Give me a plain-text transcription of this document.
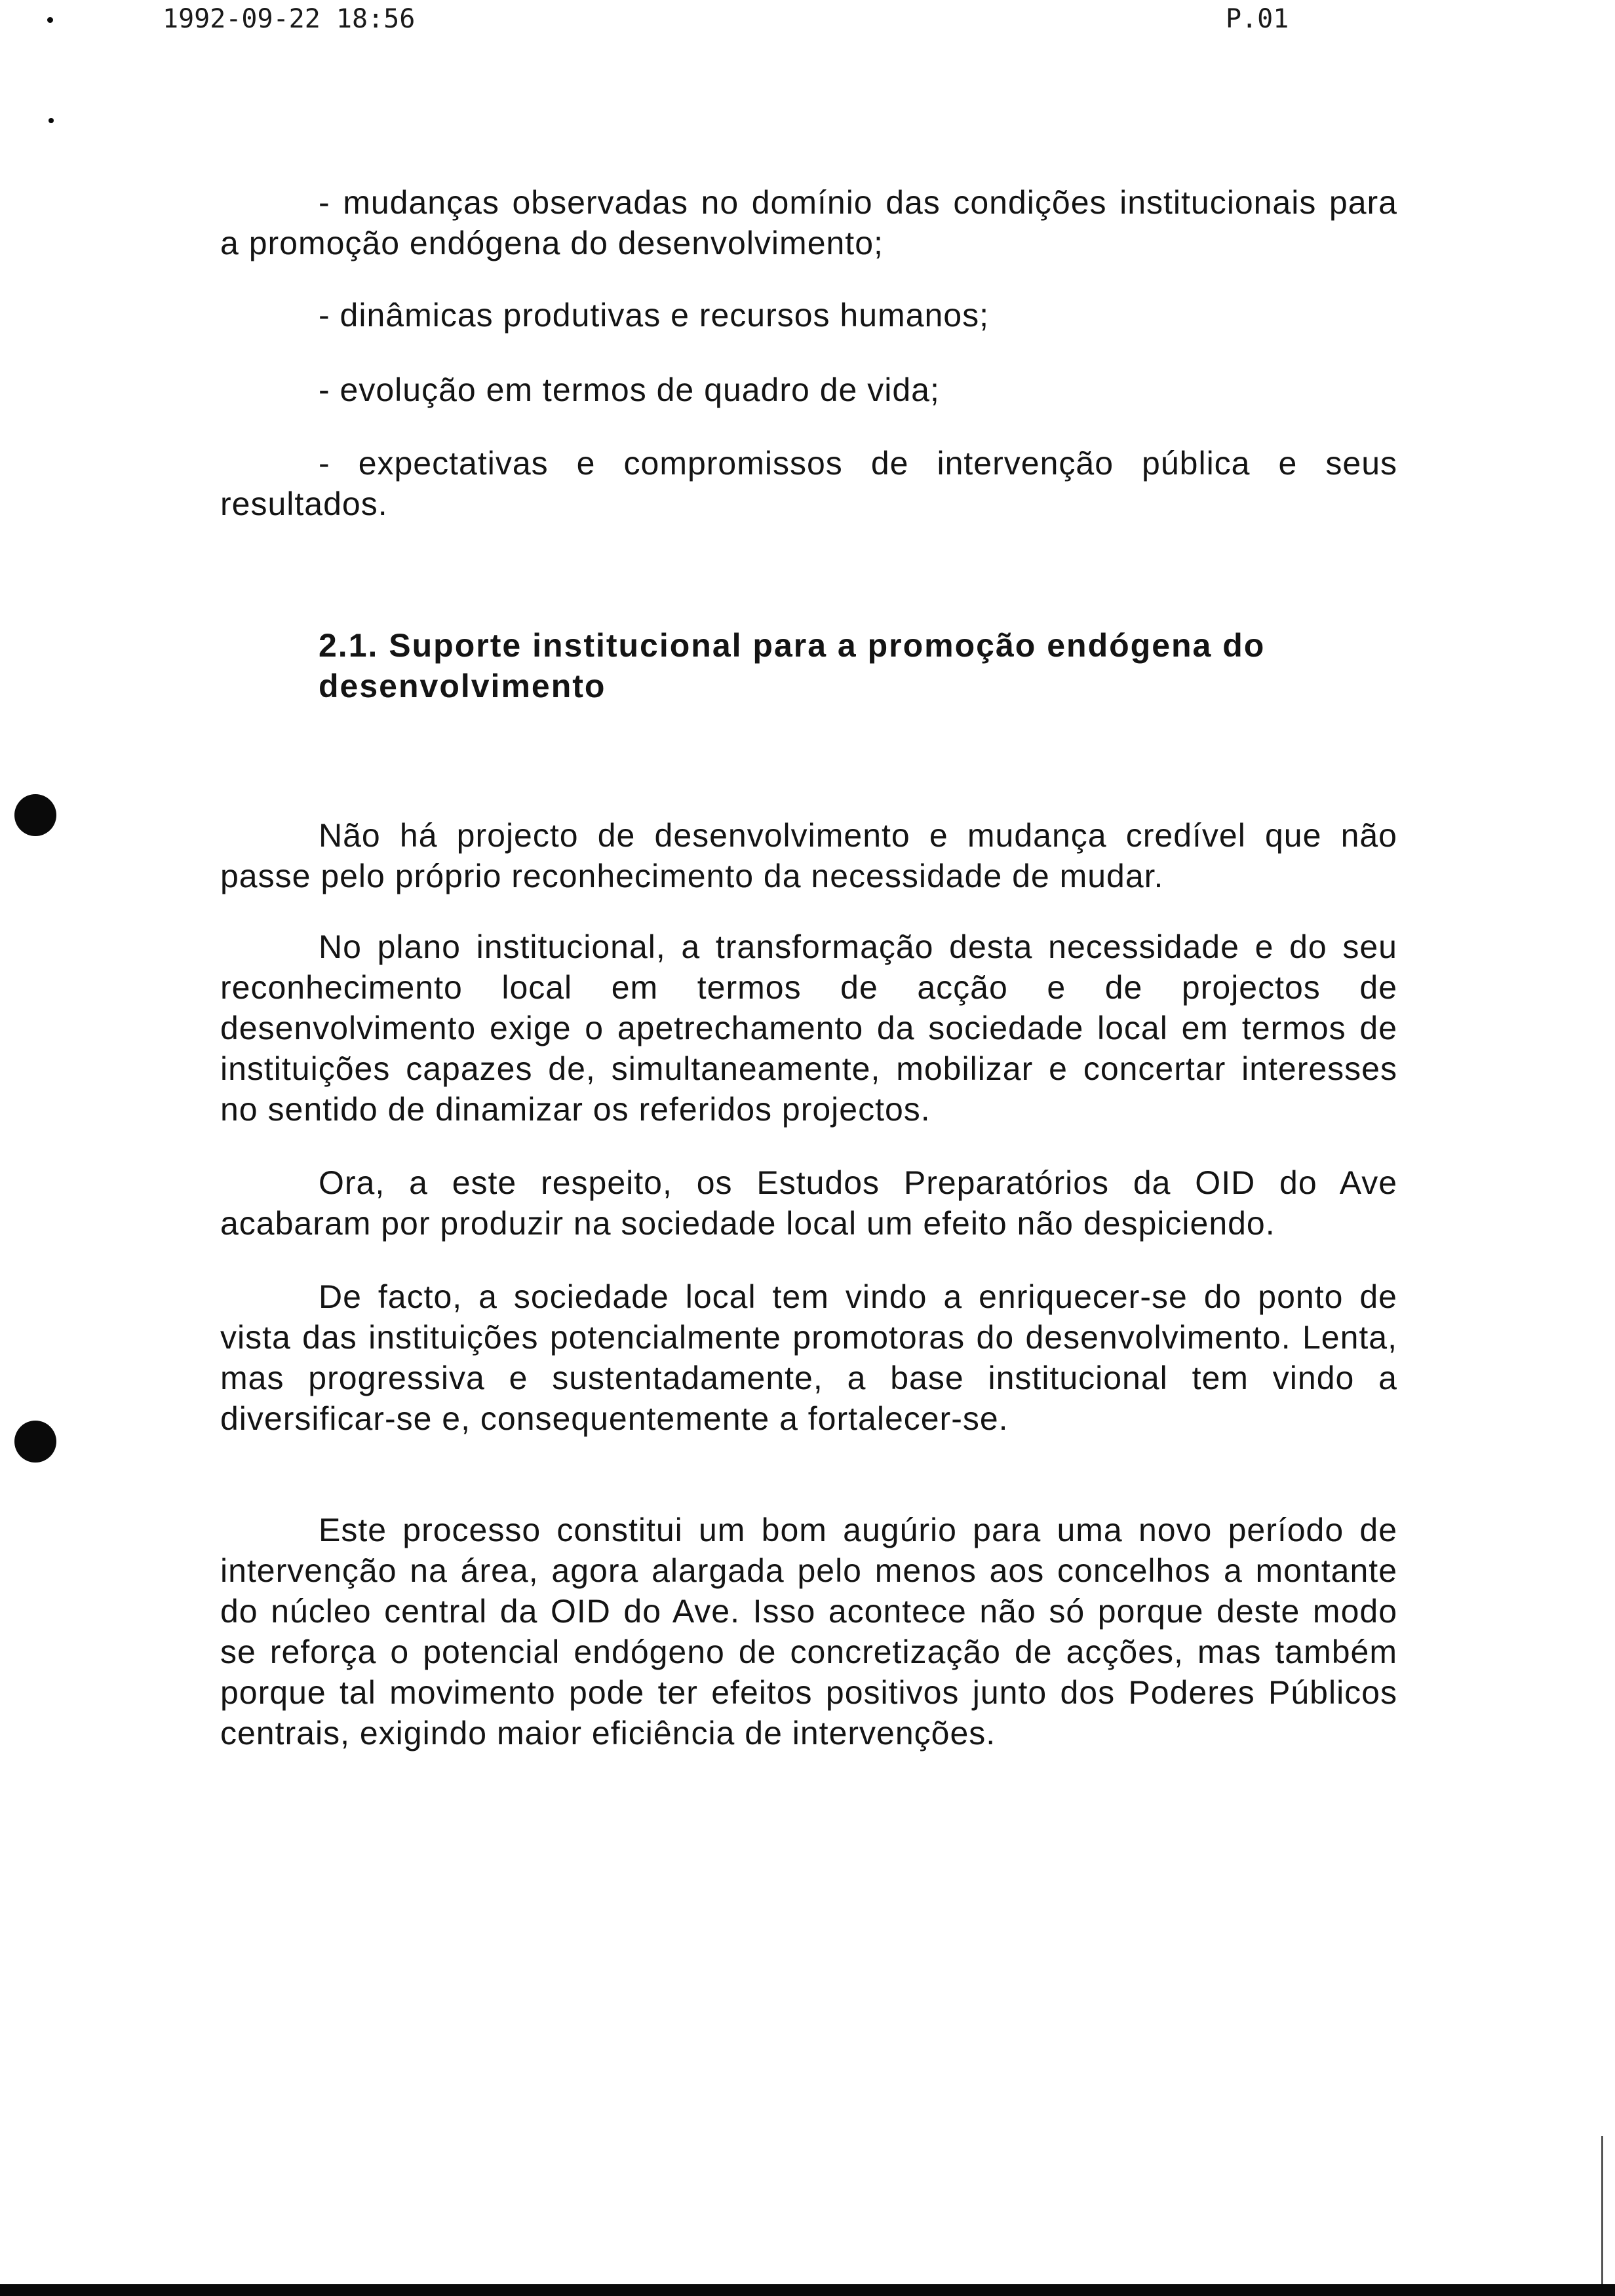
1992-09-22 18:56	P.01
- mudanças observadas no domínio das condições institucionais para a promoção endógena do desenvolvimento;
- dinâmicas produtivas e recursos humanos;
- evolução em termos de quadro de vida;
- expectativas e compromissos de intervenção pública e seus resultados.
2.1. Suporte institucional para a promoção endógena do desenvolvimento
Não há projecto de desenvolvimento e mudança credível que não passe pelo próprio reconhecimento da necessidade de mudar.
No plano institucional, a transformação desta necessidade e do seu reconhecimento local em termos de acção e de projectos de desenvolvimento exige o apetrechamento da sociedade local em termos de instituições capazes de, simultaneamente, mobilizar e concertar interesses no sentido de dinamizar os referidos projectos.
Ora, a este respeito, os Estudos Preparatórios da OID do Ave acabaram por produzir na sociedade local um efeito não despiciendo.
De facto, a sociedade local tem vindo a enriquecer-se do ponto de vista das instituições potencialmente promotoras do desenvolvimento. Lenta, mas progressiva e sustentadamente, a base institucional tem vindo a diversificar-se e, consequentemente a fortalecer-se.
Este processo constitui um bom augúrio para uma novo período de intervenção na área, agora alargada pelo menos aos concelhos a montante do núcleo central da OID do Ave. Isso acontece não só porque deste modo se reforça o potencial endógeno de concretização de acções, mas também porque tal movimento pode ter efeitos positivos junto dos Poderes Públicos centrais, exigindo maior eficiência de intervenções.
